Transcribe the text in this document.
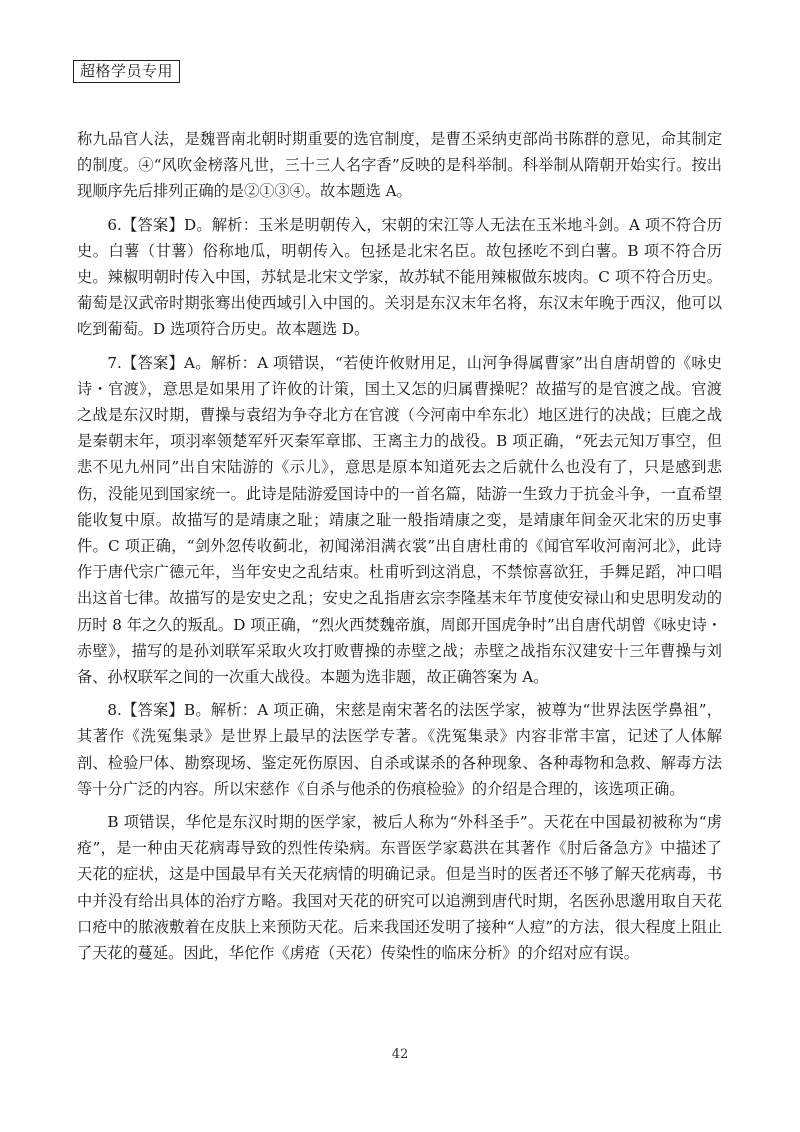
超格学员专用

称九品官人法，是魏晋南北朝时期重要的选官制度，是曹丕采纳吏部尚书陈群的意见，命其制定的制度。④“风吹金榜落凡世，三十三人名字香”反映的是科举制。科举制从隋朝开始实行。按出现顺序先后排列正确的是②①③④。故本题选 A。

6.【答案】D。解析：玉米是明朝传入，宋朝的宋江等人无法在玉米地斗剑。A 项不符合历史。白薯（甘薯）俗称地瓜，明朝传入。包拯是北宋名臣。故包拯吃不到白薯。B 项不符合历史。辣椒明朝时传入中国，苏轼是北宋文学家，故苏轼不能用辣椒做东坡肉。C 项不符合历史。葡萄是汉武帝时期张骞出使西域引入中国的。关羽是东汉末年名将，东汉末年晚于西汉，他可以吃到葡萄。D 选项符合历史。故本题选 D。

7.【答案】A。解析：A 项错误，“若使许攸财用足，山河争得属曹家”出自唐胡曾的《咏史诗・官渡》，意思是如果用了许攸的计策，国土又怎的归属曹操呢？故描写的是官渡之战。官渡之战是东汉时期，曹操与袁绍为争夺北方在官渡（今河南中牟东北）地区进行的决战；巨鹿之战是秦朝末年，项羽率领楚军歼灭秦军章邯、王离主力的战役。B 项正确，“死去元知万事空，但悲不见九州同”出自宋陆游的《示儿》，意思是原本知道死去之后就什么也没有了，只是感到悲伤，没能见到国家统一。此诗是陆游爱国诗中的一首名篇，陆游一生致力于抗金斗争，一直希望能收复中原。故描写的是靖康之耻；靖康之耻一般指靖康之变，是靖康年间金灭北宋的历史事件。C 项正确，“剑外忽传收蓟北，初闻涕泪满衣裳”出自唐杜甫的《闻官军收河南河北》，此诗作于唐代宗广德元年，当年安史之乱结束。杜甫听到这消息，不禁惊喜欲狂，手舞足蹈，冲口唱出这首七律。故描写的是安史之乱；安史之乱指唐玄宗李隆基末年节度使安禄山和史思明发动的历时 8 年之久的叛乱。D 项正确，“烈火西焚魏帝旗，周郎开国虎争时”出自唐代胡曾《咏史诗・赤壁》，描写的是孙刘联军采取火攻打败曹操的赤壁之战；赤壁之战指东汉建安十三年曹操与刘备、孙权联军之间的一次重大战役。本题为选非题，故正确答案为 A。

8.【答案】B。解析：A 项正确，宋慈是南宋著名的法医学家，被尊为“世界法医学鼻祖”，其著作《洗冤集录》是世界上最早的法医学专著。《洗冤集录》内容非常丰富，记述了人体解剖、检验尸体、勘察现场、鉴定死伤原因、自杀或谋杀的各种现象、各种毒物和急救、解毒方法等十分广泛的内容。所以宋慈作《自杀与他杀的伤痕检验》的介绍是合理的，该选项正确。

B 项错误，华佗是东汉时期的医学家，被后人称为“外科圣手”。天花在中国最初被称为“虏疮”，是一种由天花病毒导致的烈性传染病。东晋医学家葛洪在其著作《肘后备急方》中描述了天花的症状，这是中国最早有关天花病情的明确记录。但是当时的医者还不够了解天花病毒，书中并没有给出具体的治疗方略。我国对天花的研究可以追溯到唐代时期，名医孙思邈用取自天花口疮中的脓液敷着在皮肤上来预防天花。后来我国还发明了接种“人痘”的方法，很大程度上阻止了天花的蔓延。因此，华佗作《虏疮（天花）传染性的临床分析》的介绍对应有误。

42
